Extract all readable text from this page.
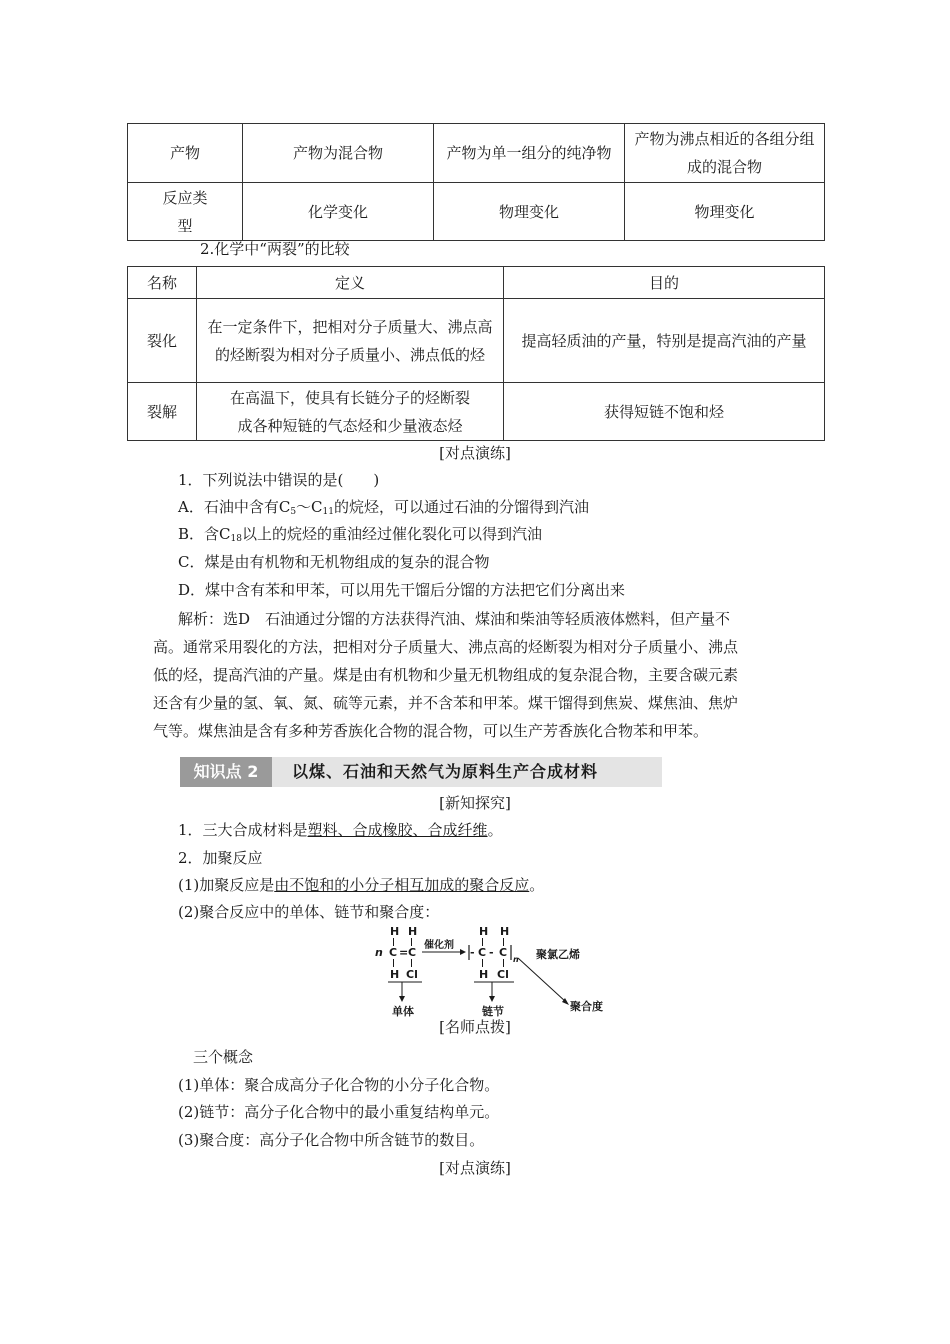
产物	产物为混合物	产物为单一组分的纯净物	产物为沸点相近的各组分组成的混合物
反应类型	化学变化	物理变化	物理变化
2.化学中“两裂”的比较
名称	定义	目的
裂化	在一定条件下，把相对分子质量大、沸点高的烃断裂为相对分子质量小、沸点低的烃	提高轻质油的产量，特别是提高汽油的产量
裂解	在高温下，使具有长链分子的烃断裂成各种短链的气态烃和少量液态烃	获得短链不饱和烃
[对点演练]
1．下列说法中错误的是(　　)
A．石油中含有$C_5\sim C_{11}$的烷烃，可以通过石油的分馏得到汽油
B．含$C_{18}$以上的烷烃的重油经过催化裂化可以得到汽油
C．煤是由有机物和无机物组成的复杂的混合物
D．煤中含有苯和甲苯，可以用先干馏后分馏的方法把它们分离出来
解析：选D　石油通过分馏的方法获得汽油、煤油和柴油等轻质液体燃料，但产量不
高。通常采用裂化的方法，把相对分子质量大、沸点高的烃断裂为相对分子质量小、沸点
低的烃，提高汽油的产量。煤是由有机物和少量无机物组成的复杂混合物，主要含碳元素
还含有少量的氢、氧、氮、硫等元素，并不含苯和甲苯。煤干馏得到焦炭、煤焦油、焦炉
气等。煤焦油是含有多种芳香族化合物的混合物，可以生产芳香族化合物苯和甲苯。
知识点 2	以煤、石油和天然气为原料生产合成材料
[新知探究]
1．三大合成材料是塑料、合成橡胶、合成纤维。
2．加聚反应
(1)加聚反应是由不饱和的小分子相互加成的聚合反应。
(2)聚合反应中的单体、链节和聚合度：
H H
n C = C
H Cl
单体
催化剂
H H
- C - C
n
H Cl
链节
聚氯乙烯
聚合度
[名师点拨]
三个概念
(1)单体：聚合成高分子化合物的小分子化合物。
(2)链节：高分子化合物中的最小重复结构单元。
(3)聚合度：高分子化合物中所含链节的数目。
[对点演练]
